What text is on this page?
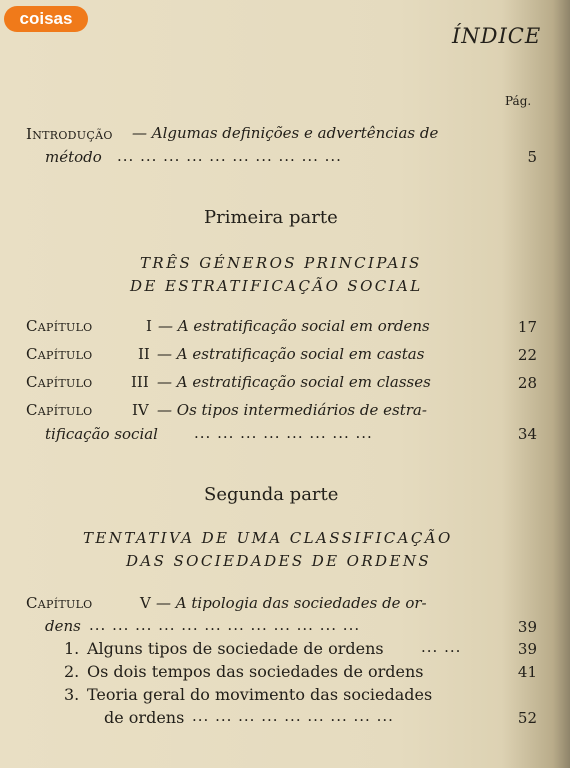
coisas
ÍNDICE
Pág.
Introdução — Algumas definições e advertências de
método ... ... ... ... ... ... ... ... ... ...	5
Primeira parte
TRÊS GÉNEROS PRINCIPAIS
DE ESTRATIFICAÇÃO SOCIAL
Capítulo	I — A estratificação social em ordens	17
Capítulo	II — A estratificação social em castas	22
Capítulo	III — A estratificação social em classes	28
Capítulo	IV — Os tipos intermediários de estra-
tificação social ... ... ... ... ... ... ... ...	34
Segunda parte
TENTATIVA DE UMA CLASSIFICAÇÃO
DAS SOCIEDADES DE ORDENS
Capítulo	V — A tipologia das sociedades de or-
dens ... ... ... ... ... ... ... ... ... ... ... ...	39
1. Alguns tipos de sociedade de ordens ... ...	39
2. Os dois tempos das sociedades de ordens	41
3. Teoria geral do movimento das sociedades
de ordens ... ... ... ... ... ... ... ... ...	52
